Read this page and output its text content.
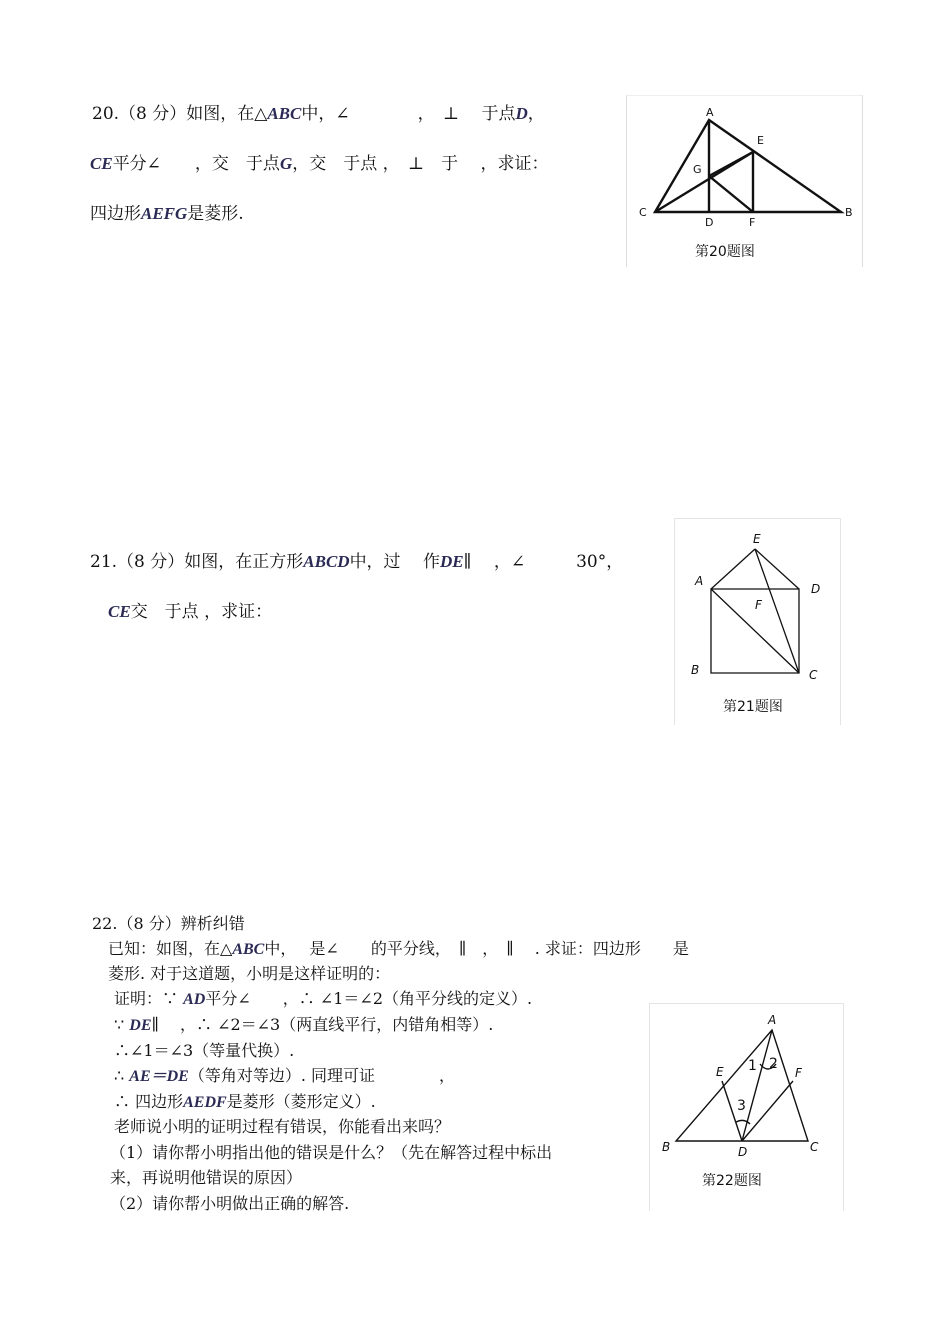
20.（8 分）如图，在△ABC中，∠　　　　，　⊥　 于点D，
CE平分∠　　，交　于点G，交　于点 ，　⊥　于　 ，求证：
四边形AEFG是菱形.
A
C	B
E
G
D	F
第20题图
21.（8 分）如图，在正方形ABCD中，过　 作DE∥　 ，∠　　　30°，
CE交　于点 ，求证：
E
A
D
F
B	C
第21题图
22.（8 分）辨析纠错
已知：如图，在△ABC中，　 是∠　　的平分线，　∥　，　∥　 . 求证：四边形　　是
菱形. 对于这道题，小明是这样证明的：
证明：∵ AD平分∠　　，∴ ∠1＝∠2（角平分线的定义）.
∵ DE∥　 ，∴ ∠2＝∠3（两直线平行，内错角相等）.
∴∠1＝∠3（等量代换）.
∴ AE＝DE（等角对等边）. 同理可证　　　　，
∴ 四边形AEDF是菱形（菱形定义）.
老师说小明的证明过程有错误，你能看出来吗？
（1）请你帮小明指出他的错误是什么？（先在解答过程中标出
来，再说明他错误的原因）
（2）请你帮小明做出正确的解答.
A
E	F
B	C
D
1 2
3
第22题图
